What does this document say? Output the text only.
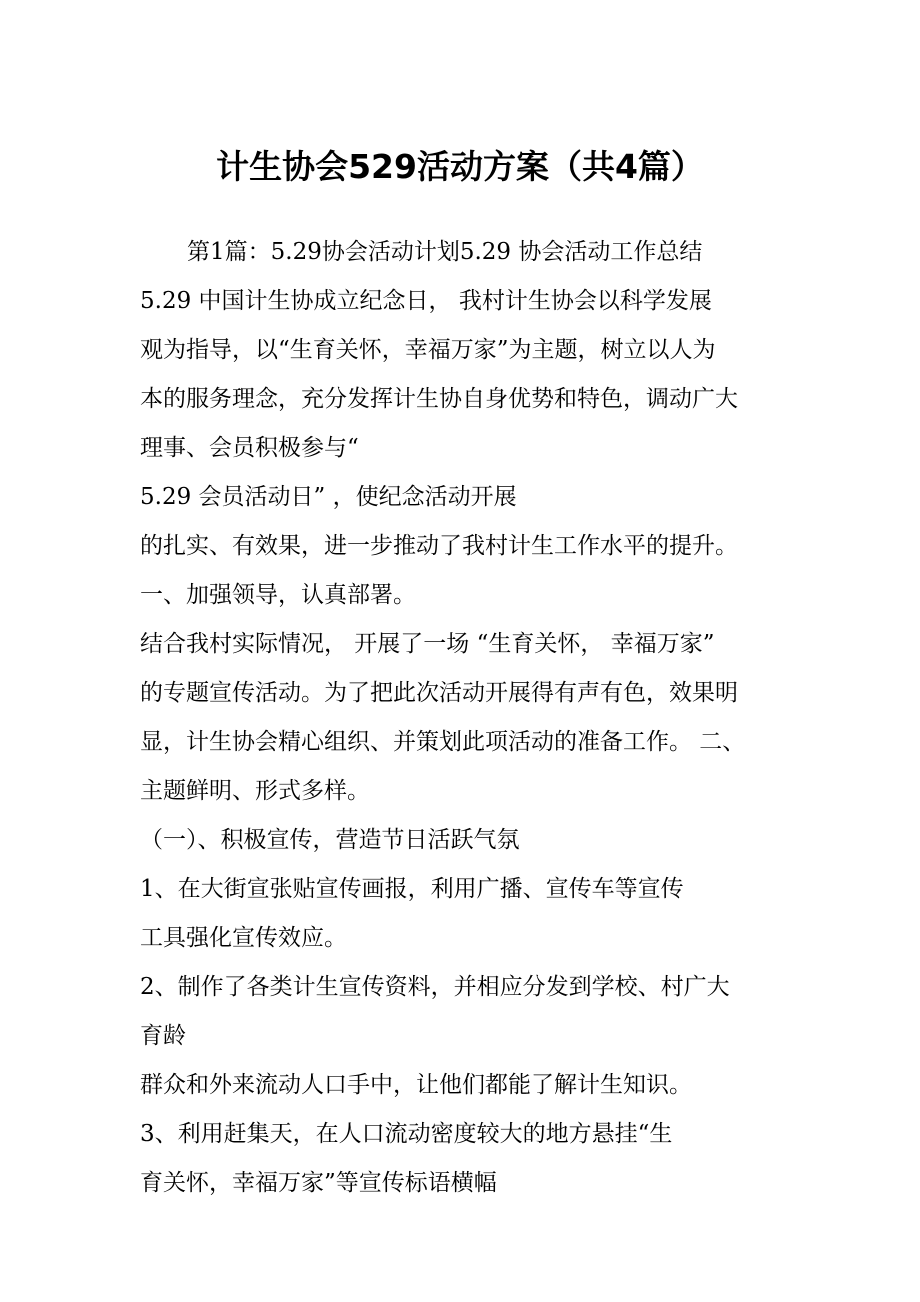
计生协会529活动方案（共4篇）
第1篇：5.29协会活动计划5.29 协会活动工作总结
5.29 中国计生协成立纪念日， 我村计生协会以科学发展
观为指导，以“生育关怀，幸福万家”为主题，树立以人为
本的服务理念，充分发挥计生协自身优势和特色，调动广大
理事、会员积极参与“
5.29 会员活动日” ，使纪念活动开展
的扎实、有效果，进一步推动了我村计生工作水平的提升。
一、加强领导，认真部署。
结合我村实际情况， 开展了一场 “生育关怀， 幸福万家”
的专题宣传活动。为了把此次活动开展得有声有色，效果明
显，计生协会精心组织、并策划此项活动的准备工作。 二、
主题鲜明、形式多样。
（一）、积极宣传，营造节日活跃气氛
1、在大街宣张贴宣传画报，利用广播、宣传车等宣传
工具强化宣传效应。
2、制作了各类计生宣传资料，并相应分发到学校、村广大
育龄
群众和外来流动人口手中，让他们都能了解计生知识。
3、利用赶集天，在人口流动密度较大的地方悬挂“生
育关怀，幸福万家”等宣传标语横幅
